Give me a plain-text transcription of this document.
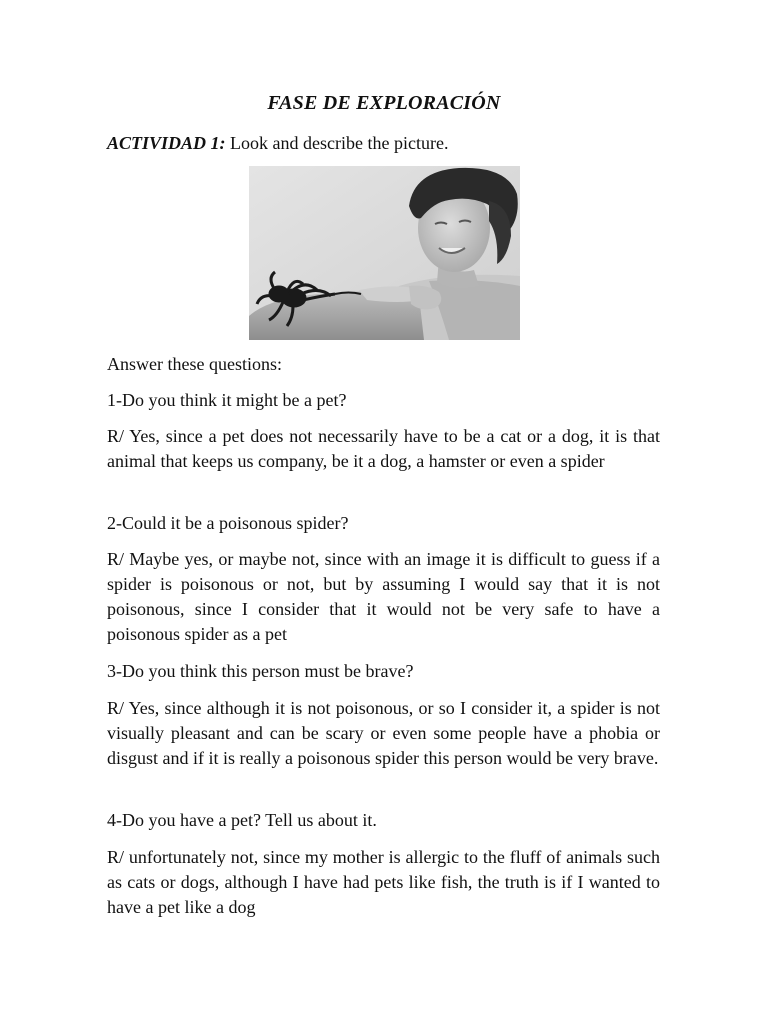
FASE DE EXPLORACIÓN
ACTIVIDAD 1: Look and describe the picture.
Answer these questions:
1-Do you think it might be a pet?
R/ Yes, since a pet does not necessarily have to be a cat or a dog, it is that animal that keeps us company, be it a dog, a hamster or even a spider
2-Could it be a poisonous spider?
R/ Maybe yes, or maybe not, since with an image it is difficult to guess if a spider is poisonous or not, but by assuming I would say that it is not poisonous, since I consider that it would not be very safe to have a poisonous spider as a pet
3-Do you think this person must be brave?
R/ Yes, since although it is not poisonous, or so I consider it, a spider is not visually pleasant and can be scary or even some people have a phobia or disgust and if it is really a poisonous spider this person would be very brave.
4-Do you have a pet? Tell us about it.
R/ unfortunately not, since my mother is allergic to the fluff of animals such as cats or dogs, although I have had pets like fish, the truth is if I wanted to have a pet like a dog
